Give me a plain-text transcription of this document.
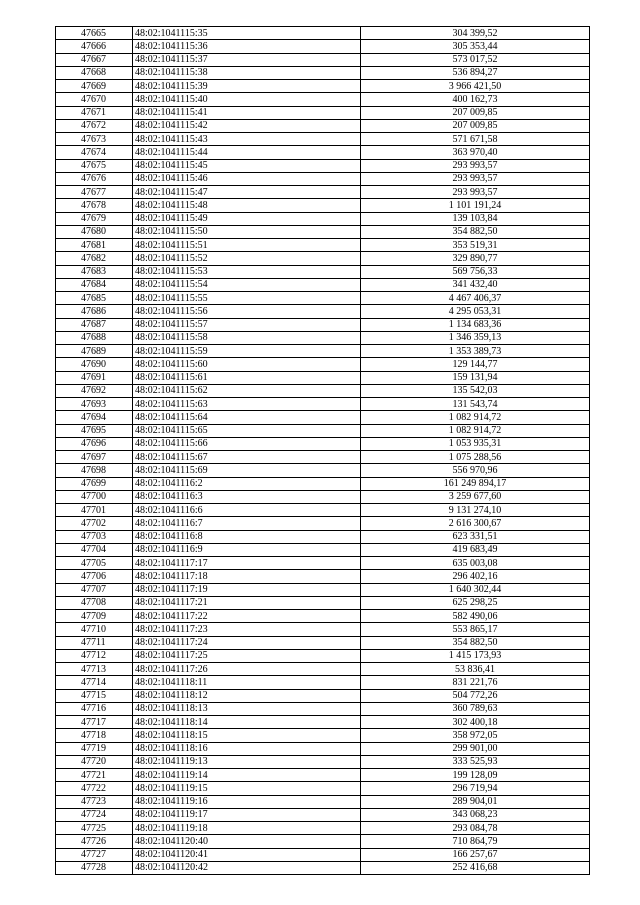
47665	48:02:1041115:35	304 399,52
47666	48:02:1041115:36	305 353,44
47667	48:02:1041115:37	573 017,52
47668	48:02:1041115:38	536 894,27
47669	48:02:1041115:39	3 966 421,50
47670	48:02:1041115:40	400 162,73
47671	48:02:1041115:41	207 009,85
47672	48:02:1041115:42	207 009,85
47673	48:02:1041115:43	571 671,58
47674	48:02:1041115:44	363 970,40
47675	48:02:1041115:45	293 993,57
47676	48:02:1041115:46	293 993,57
47677	48:02:1041115:47	293 993,57
47678	48:02:1041115:48	1 101 191,24
47679	48:02:1041115:49	139 103,84
47680	48:02:1041115:50	354 882,50
47681	48:02:1041115:51	353 519,31
47682	48:02:1041115:52	329 890,77
47683	48:02:1041115:53	569 756,33
47684	48:02:1041115:54	341 432,40
47685	48:02:1041115:55	4 467 406,37
47686	48:02:1041115:56	4 295 053,31
47687	48:02:1041115:57	1 134 683,36
47688	48:02:1041115:58	1 346 359,13
47689	48:02:1041115:59	1 353 389,73
47690	48:02:1041115:60	129 144,77
47691	48:02:1041115:61	159 131,94
47692	48:02:1041115:62	135 542,03
47693	48:02:1041115:63	131 543,74
47694	48:02:1041115:64	1 082 914,72
47695	48:02:1041115:65	1 082 914,72
47696	48:02:1041115:66	1 053 935,31
47697	48:02:1041115:67	1 075 288,56
47698	48:02:1041115:69	556 970,96
47699	48:02:1041116:2	161 249 894,17
47700	48:02:1041116:3	3 259 677,60
47701	48:02:1041116:6	9 131 274,10
47702	48:02:1041116:7	2 616 300,67
47703	48:02:1041116:8	623 331,51
47704	48:02:1041116:9	419 683,49
47705	48:02:1041117:17	635 003,08
47706	48:02:1041117:18	296 402,16
47707	48:02:1041117:19	1 640 302,44
47708	48:02:1041117:21	625 298,25
47709	48:02:1041117:22	582 490,06
47710	48:02:1041117:23	553 865,17
47711	48:02:1041117:24	354 882,50
47712	48:02:1041117:25	1 415 173,93
47713	48:02:1041117:26	53 836,41
47714	48:02:1041118:11	831 221,76
47715	48:02:1041118:12	504 772,26
47716	48:02:1041118:13	360 789,63
47717	48:02:1041118:14	302 400,18
47718	48:02:1041118:15	358 972,05
47719	48:02:1041118:16	299 901,00
47720	48:02:1041119:13	333 525,93
47721	48:02:1041119:14	199 128,09
47722	48:02:1041119:15	296 719,94
47723	48:02:1041119:16	289 904,01
47724	48:02:1041119:17	343 068,23
47725	48:02:1041119:18	293 084,78
47726	48:02:1041120:40	710 864,79
47727	48:02:1041120:41	166 257,67
47728	48:02:1041120:42	252 416,68
